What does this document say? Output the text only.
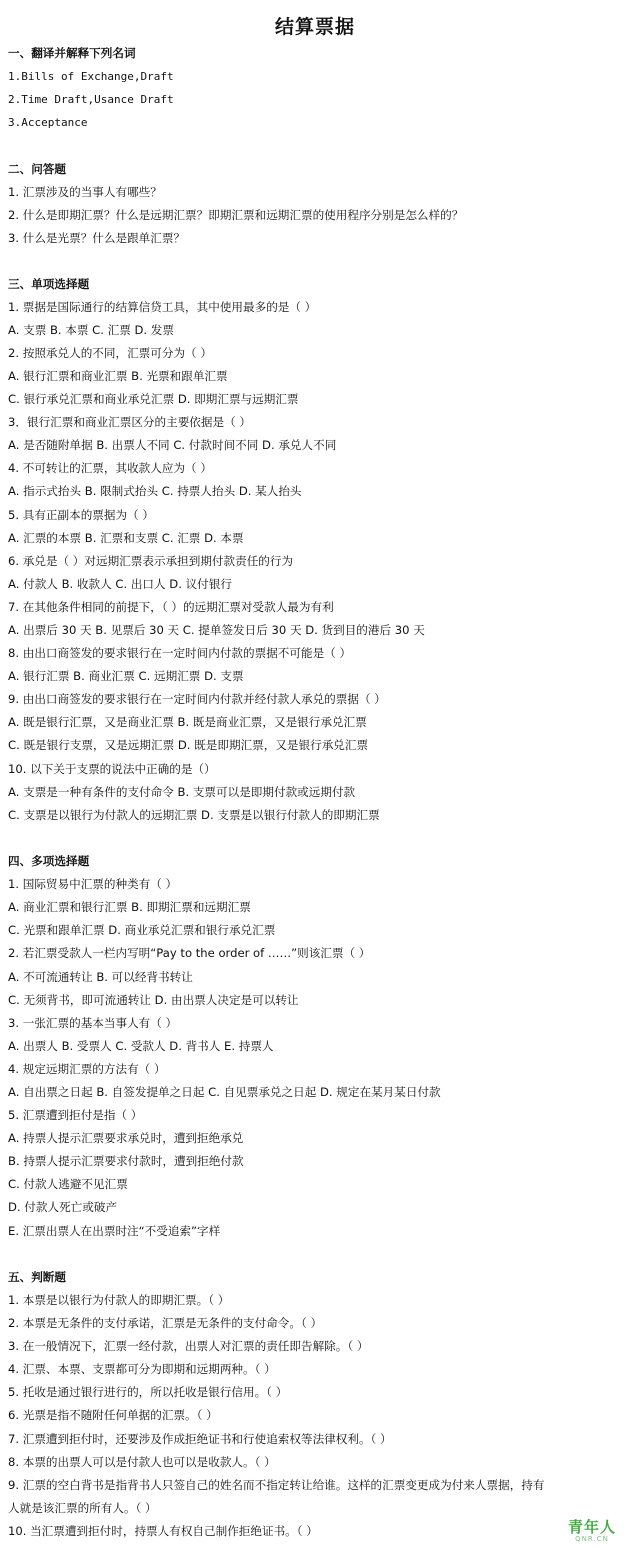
结算票据
一、翻译并解释下列名词
1.Bills of Exchange,Draft
2.Time Draft,Usance Draft
3.Acceptance
二、问答题
1. 汇票涉及的当事人有哪些？
2. 什么是即期汇票？什么是远期汇票？即期汇票和远期汇票的使用程序分别是怎么样的？
3. 什么是光票？什么是跟单汇票？
三、单项选择题
1. 票据是国际通行的结算信贷工具，其中使用最多的是（ ）
A. 支票 B. 本票 C. 汇票 D. 发票
2. 按照承兑人的不同，汇票可分为（ ）
A. 银行汇票和商业汇票 B. 光票和跟单汇票
C. 银行承兑汇票和商业承兑汇票 D. 即期汇票与远期汇票
3．银行汇票和商业汇票区分的主要依据是（ ）
A. 是否随附单据 B. 出票人不同 C. 付款时间不同 D. 承兑人不同
4. 不可转让的汇票，其收款人应为（ ）
A. 指示式抬头 B. 限制式抬头 C. 持票人抬头 D. 某人抬头
5. 具有正副本的票据为（ ）
A. 汇票的本票 B. 汇票和支票 C. 汇票 D. 本票
6. 承兑是（ ）对远期汇票表示承担到期付款责任的行为
A. 付款人 B. 收款人 C. 出口人 D. 议付银行
7. 在其他条件相同的前提下，（ ）的远期汇票对受款人最为有利
A. 出票后 30 天 B. 见票后 30 天 C. 提单签发日后 30 天 D. 货到目的港后 30 天
8. 由出口商签发的要求银行在一定时间内付款的票据不可能是（ ）
A. 银行汇票 B. 商业汇票 C. 远期汇票 D. 支票
9. 由出口商签发的要求银行在一定时间内付款并经付款人承兑的票据（ ）
A. 既是银行汇票，又是商业汇票 B. 既是商业汇票，又是银行承兑汇票
C. 既是银行支票，又是远期汇票 D. 既是即期汇票，又是银行承兑汇票
10. 以下关于支票的说法中正确的是（）
A. 支票是一种有条件的支付命令 B. 支票可以是即期付款或远期付款
C. 支票是以银行为付款人的远期汇票 D. 支票是以银行付款人的即期汇票
四、多项选择题
1. 国际贸易中汇票的种类有（ ）
A. 商业汇票和银行汇票 B. 即期汇票和远期汇票
C. 光票和跟单汇票 D. 商业承兑汇票和银行承兑汇票
2. 若汇票受款人一栏内写明“Pay to the order of ……”则该汇票（ ）
A. 不可流通转让 B. 可以经背书转让
C. 无须背书，即可流通转让 D. 由出票人决定是可以转让
3. 一张汇票的基本当事人有（ ）
A. 出票人 B. 受票人 C. 受款人 D. 背书人 E. 持票人
4. 规定远期汇票的方法有（ ）
A. 自出票之日起 B. 自签发提单之日起 C. 自见票承兑之日起 D. 规定在某月某日付款
5. 汇票遭到拒付是指（ ）
A. 持票人提示汇票要求承兑时，遭到拒绝承兑
B. 持票人提示汇票要求付款时，遭到拒绝付款
C. 付款人逃避不见汇票
D. 付款人死亡或破产
E. 汇票出票人在出票时注“不受追索”字样
五、判断题
1. 本票是以银行为付款人的即期汇票。（ ）
2. 本票是无条件的支付承诺，汇票是无条件的支付命令。（ ）
3. 在一般情况下，汇票一经付款，出票人对汇票的责任即告解除。（ ）
4. 汇票、本票、支票都可分为即期和远期两种。（ ）
5. 托收是通过银行进行的，所以托收是银行信用。（ ）
6. 光票是指不随附任何单据的汇票。（ ）
7. 汇票遭到拒付时，还要涉及作成拒绝证书和行使追索权等法律权利。（ ）
8. 本票的出票人可以是付款人也可以是收款人。（ ）
9. 汇票的空白背书是指背书人只签自己的姓名而不指定转让给谁。这样的汇票变更成为付来人票据，持有
人就是该汇票的所有人。（ ）
10. 当汇票遭到拒付时，持票人有权自己制作拒绝证书。（ ）	青年人
QNR.CN
